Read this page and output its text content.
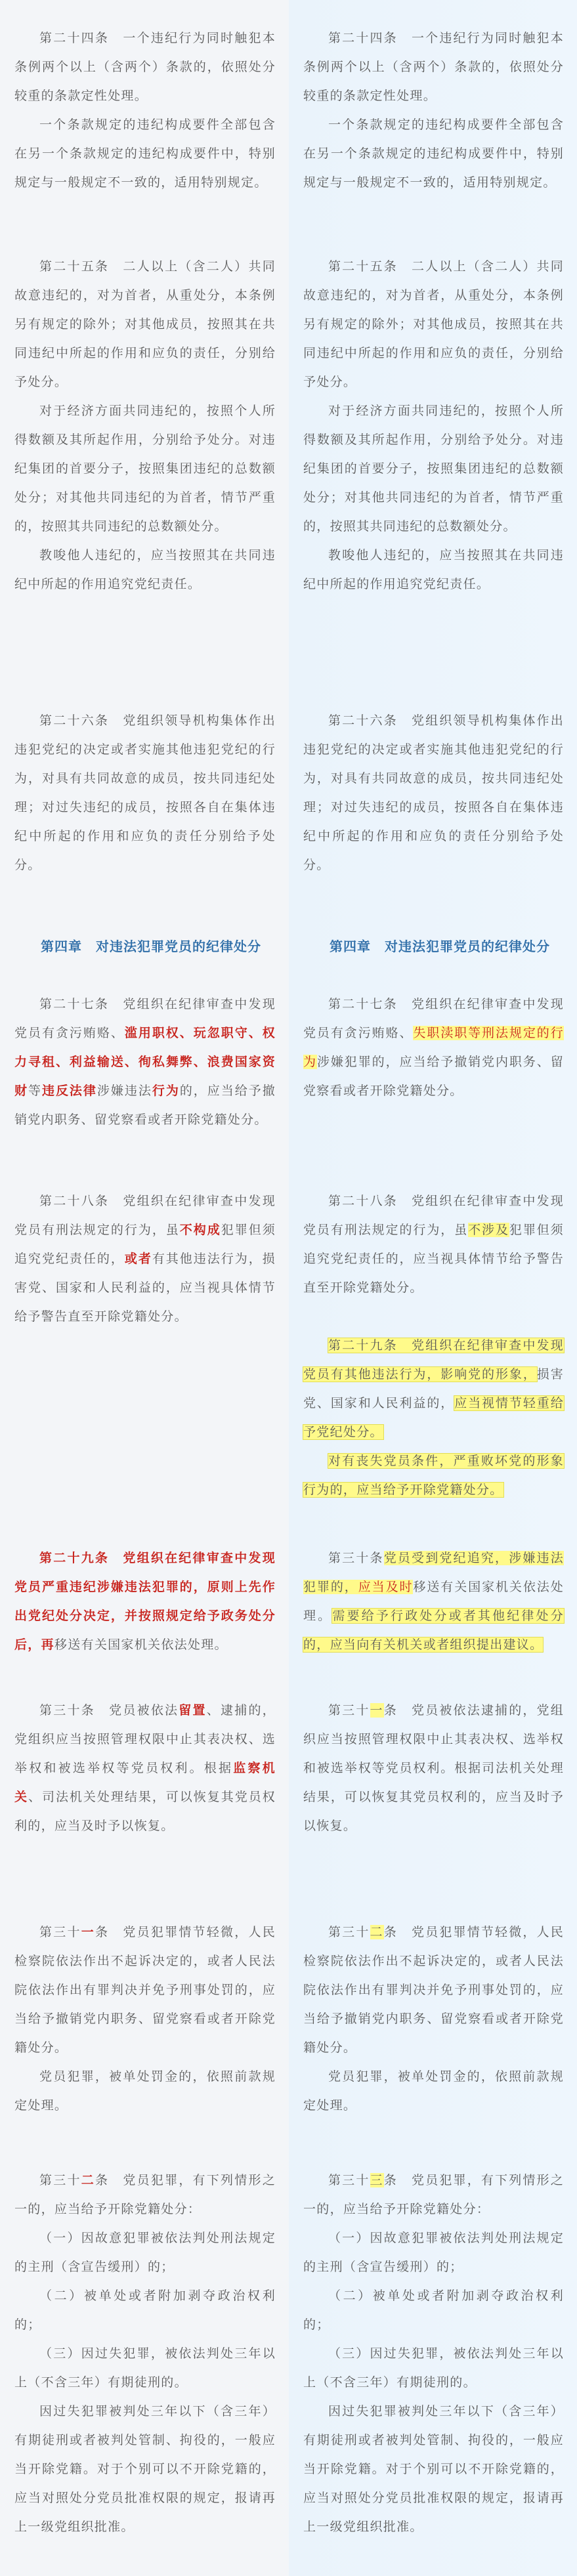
第二十四条　一个违纪行为同时触犯本条例两个以上（含两个）条款的，依照处分较重的条款定性处理。

一个条款规定的违纪构成要件全部包含在另一个条款规定的违纪构成要件中，特别规定与一般规定不一致的，适用特别规定。

第二十五条　二人以上（含二人）共同故意违纪的，对为首者，从重处分，本条例另有规定的除外；对其他成员，按照其在共同违纪中所起的作用和应负的责任，分别给予处分。

对于经济方面共同违纪的，按照个人所得数额及其所起作用，分别给予处分。对违纪集团的首要分子，按照集团违纪的总数额处分；对其他共同违纪的为首者，情节严重的，按照其共同违纪的总数额处分。

教唆他人违纪的，应当按照其在共同违纪中所起的作用追究党纪责任。

第二十六条　党组织领导机构集体作出违犯党纪的决定或者实施其他违犯党纪的行为，对具有共同故意的成员，按共同违纪处理；对过失违纪的成员，按照各自在集体违纪中所起的作用和应负的责任分别给予处分。

第四章　对违法犯罪党员的纪律处分

第二十七条　党组织在纪律审查中发现党员有贪污贿赂、滥用职权、玩忽职守、权力寻租、利益输送、徇私舞弊、浪费国家资财等违反法律涉嫌违法行为的，应当给予撤销党内职务、留党察看或者开除党籍处分。

第二十八条　党组织在纪律审查中发现党员有刑法规定的行为，虽不构成犯罪但须追究党纪责任的，或者有其他违法行为，损害党、国家和人民利益的，应当视具体情节给予警告直至开除党籍处分。

第二十九条　党组织在纪律审查中发现党员严重违纪涉嫌违法犯罪的，原则上先作出党纪处分决定，并按照规定给予政务处分后，再移送有关国家机关依法处理。

第三十条　党员被依法留置、逮捕的，党组织应当按照管理权限中止其表决权、选举权和被选举权等党员权利。根据监察机关、司法机关处理结果，可以恢复其党员权利的，应当及时予以恢复。

第三十一条　党员犯罪情节轻微，人民检察院依法作出不起诉决定的，或者人民法院依法作出有罪判决并免予刑事处罚的，应当给予撤销党内职务、留党察看或者开除党籍处分。

党员犯罪，被单处罚金的，依照前款规定处理。

第三十二条　党员犯罪，有下列情形之一的，应当给予开除党籍处分：

（一）因故意犯罪被依法判处刑法规定的主刑（含宣告缓刑）的；

（二）被单处或者附加剥夺政治权利的；

（三）因过失犯罪，被依法判处三年以上（不含三年）有期徒刑的。

因过失犯罪被判处三年以下（含三年）有期徒刑或者被判处管制、拘役的，一般应当开除党籍。对于个别可以不开除党籍的，应当对照处分党员批准权限的规定，报请再上一级党组织批准。

第二十四条　一个违纪行为同时触犯本条例两个以上（含两个）条款的，依照处分较重的条款定性处理。

一个条款规定的违纪构成要件全部包含在另一个条款规定的违纪构成要件中，特别规定与一般规定不一致的，适用特别规定。

第二十五条　二人以上（含二人）共同故意违纪的，对为首者，从重处分，本条例另有规定的除外；对其他成员，按照其在共同违纪中所起的作用和应负的责任，分别给予处分。

对于经济方面共同违纪的，按照个人所得数额及其所起作用，分别给予处分。对违纪集团的首要分子，按照集团违纪的总数额处分；对其他共同违纪的为首者，情节严重的，按照其共同违纪的总数额处分。

教唆他人违纪的，应当按照其在共同违纪中所起的作用追究党纪责任。

第二十六条　党组织领导机构集体作出违犯党纪的决定或者实施其他违犯党纪的行为，对具有共同故意的成员，按共同违纪处理；对过失违纪的成员，按照各自在集体违纪中所起的作用和应负的责任分别给予处分。

第四章　对违法犯罪党员的纪律处分

第二十七条　党组织在纪律审查中发现党员有贪污贿赂、失职渎职等刑法规定的行为涉嫌犯罪的，应当给予撤销党内职务、留党察看或者开除党籍处分。

第二十八条　党组织在纪律审查中发现党员有刑法规定的行为，虽不涉及犯罪但须追究党纪责任的，应当视具体情节给予警告直至开除党籍处分。

第二十九条　党组织在纪律审查中发现党员有其他违法行为，影响党的形象，损害党、国家和人民利益的，应当视情节轻重给予党纪处分。

对有丧失党员条件，严重败坏党的形象行为的，应当给予开除党籍处分。

第三十条党员受到党纪追究，涉嫌违法犯罪的，应当及时移送有关国家机关依法处理。需要给予行政处分或者其他纪律处分的，应当向有关机关或者组织提出建议。

第三十一条　党员被依法逮捕的，党组织应当按照管理权限中止其表决权、选举权和被选举权等党员权利。根据司法机关处理结果，可以恢复其党员权利的，应当及时予以恢复。

第三十二条　党员犯罪情节轻微，人民检察院依法作出不起诉决定的，或者人民法院依法作出有罪判决并免予刑事处罚的，应当给予撤销党内职务、留党察看或者开除党籍处分。

党员犯罪，被单处罚金的，依照前款规定处理。

第三十三条　党员犯罪，有下列情形之一的，应当给予开除党籍处分：

（一）因故意犯罪被依法判处刑法规定的主刑（含宣告缓刑）的；

（二）被单处或者附加剥夺政治权利的；

（三）因过失犯罪，被依法判处三年以上（不含三年）有期徒刑的。

因过失犯罪被判处三年以下（含三年）有期徒刑或者被判处管制、拘役的，一般应当开除党籍。对于个别可以不开除党籍的，应当对照处分党员批准权限的规定，报请再上一级党组织批准。
